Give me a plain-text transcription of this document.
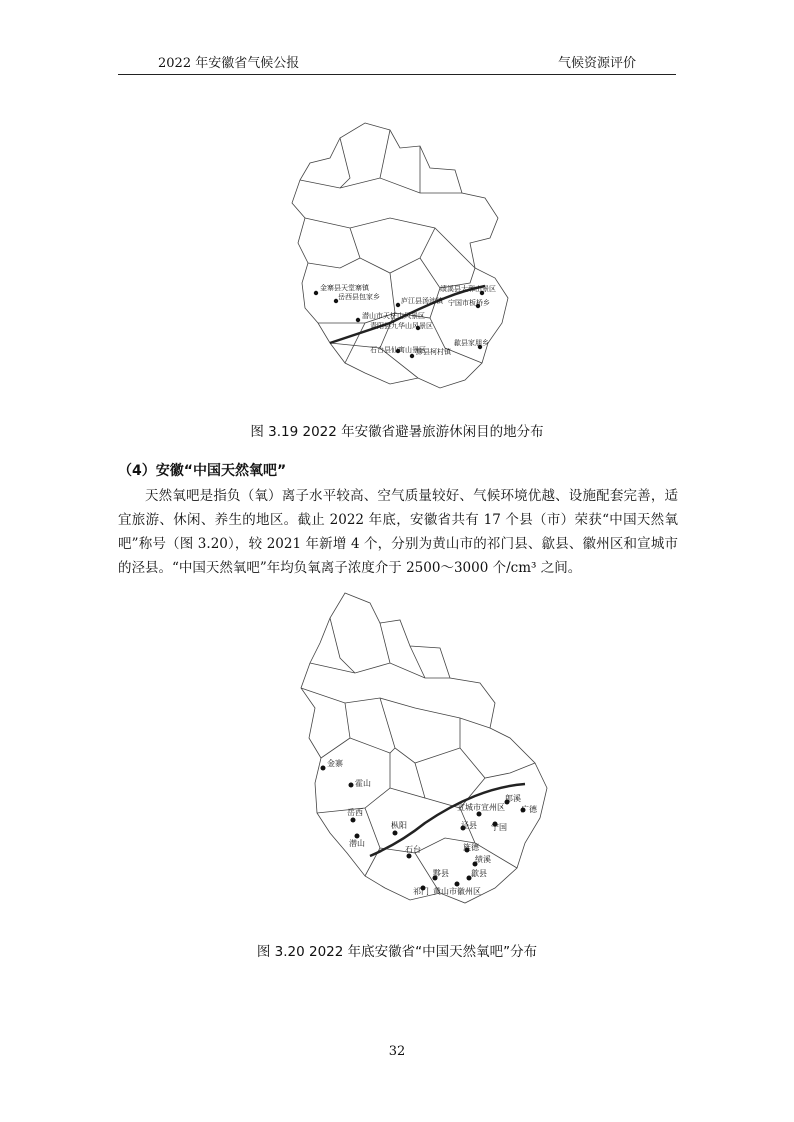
2022 年安徽省气候公报	气候资源评价
金寨县天堂寨镇
岳西县包家乡	庐江县汤池镇
绩溪县大鄣山景区
宁国市板桥乡
潜山市天柱山风景区
青阳县九华山风景区
石台县仙寓山景区
黟县柯村镇
歙县家朋乡
图 3.19 2022 年安徽省避暑旅游休闲目的地分布
（4）安徽“中国天然氧吧”

天然氧吧是指负（氧）离子水平较高、空气质量较好、气候环境优越、设施配套完善，适宜旅游、休闲、养生的地区。截止 2022 年底，安徽省共有 17 个县（市）荣获“中国天然氧吧”称号（图 3.20），较 2021 年新增 4 个，分别为黄山市的祁门县、歙县、徽州区和宣城市的泾县。“中国天然氧吧”年均负氧离子浓度介于 2500～3000 个/cm³ 之间。

金寨
霍山
岳西
潜山
枞阳
石台
宣城市宣州区
郎溪
广德
泾县 宁国
旌德
绩溪
黟县	歙县
祁门 黄山市徽州区
图 3.20 2022 年底安徽省“中国天然氧吧”分布
32
